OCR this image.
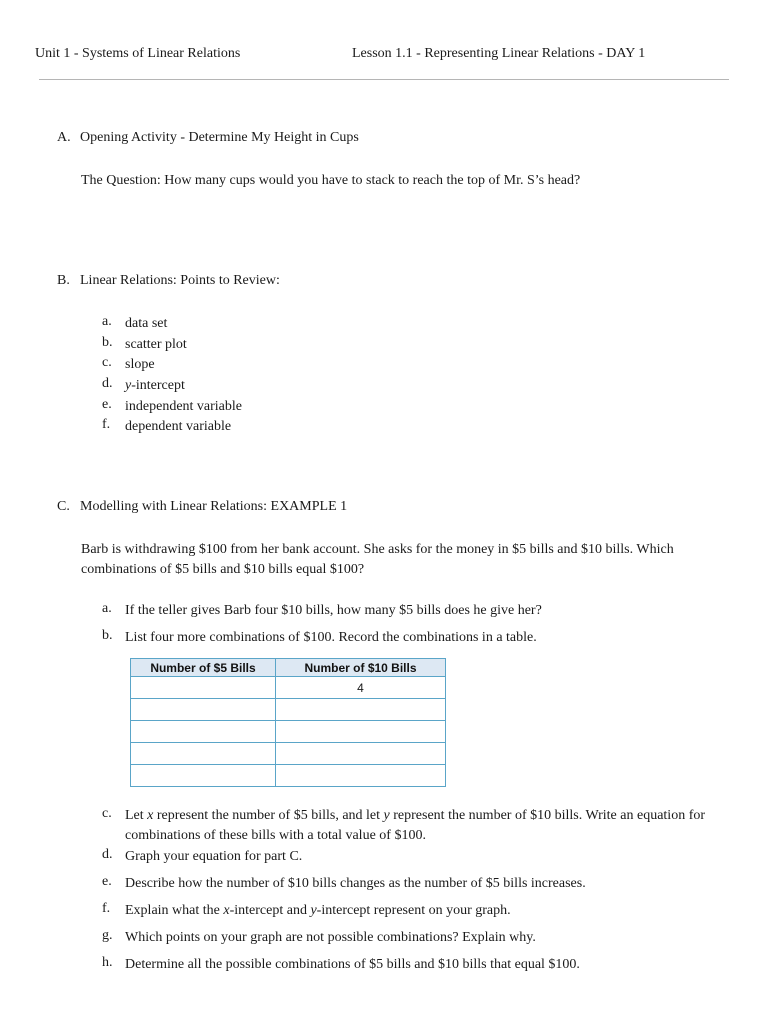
Unit 1 - Systems of Linear Relations	Lesson 1.1 - Representing Linear Relations - DAY 1
A. Opening Activity - Determine My Height in Cups
The Question: How many cups would you have to stack to reach the top of Mr. S’s head?
B. Linear Relations: Points to Review:
a. data set
b. scatter plot
c. slope
d. y-intercept
e. independent variable
f. dependent variable
C. Modelling with Linear Relations: EXAMPLE 1
Barb is withdrawing $100 from her bank account. She asks for the money in $5 bills and $10 bills. Which combinations of $5 bills and $10 bills equal $100?
a. If the teller gives Barb four $10 bills, how many $5 bills does he give her?
b. List four more combinations of $100. Record the combinations in a table.
Number of $5 Bills	Number of $10 Bills
	4

c. Let x represent the number of $5 bills, and let y represent the number of $10 bills. Write an equation for combinations of these bills with a total value of $100.
d. Graph your equation for part C.
e. Describe how the number of $10 bills changes as the number of $5 bills increases.
f. Explain what the x-intercept and y-intercept represent on your graph.
g. Which points on your graph are not possible combinations? Explain why.
h. Determine all the possible combinations of $5 bills and $10 bills that equal $100.
